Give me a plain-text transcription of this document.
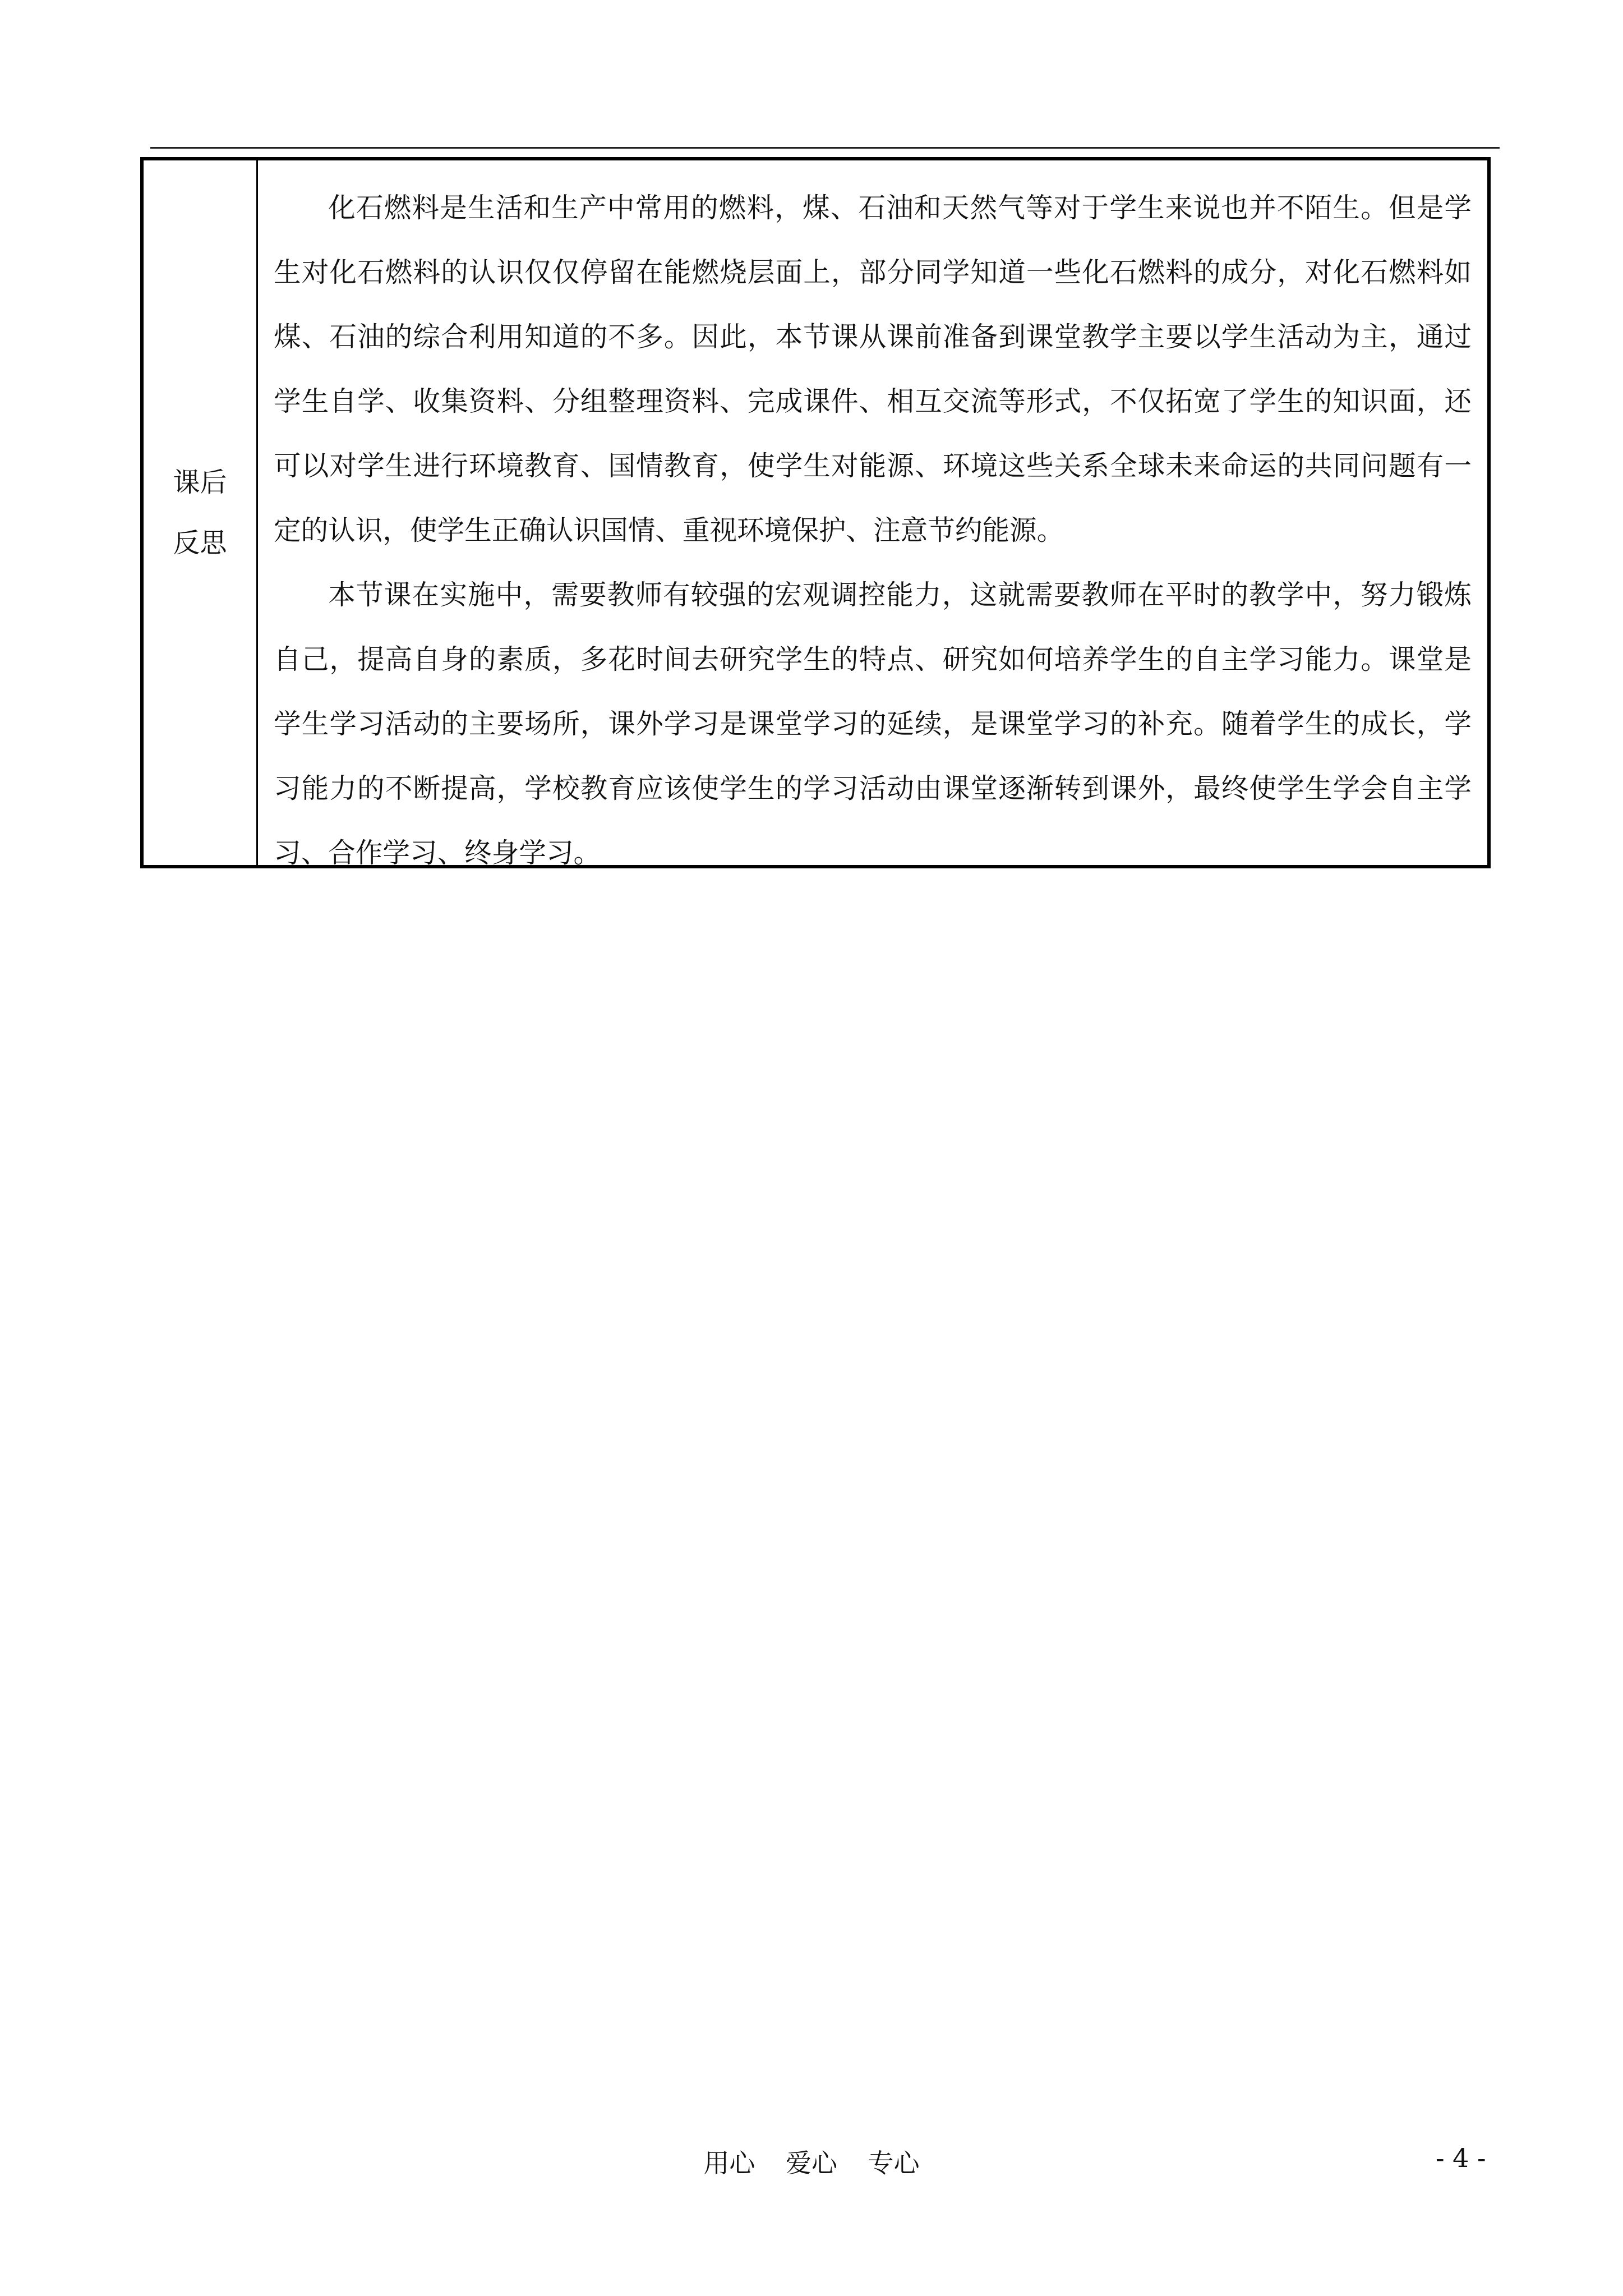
课后
反思

化石燃料是生活和生产中常用的燃料，煤、石油和天然气等对于学生来说也并不陌生。但是学生对化石燃料的认识仅仅停留在能燃烧层面上，部分同学知道一些化石燃料的成分，对化石燃料如煤、石油的综合利用知道的不多。因此，本节课从课前准备到课堂教学主要以学生活动为主，通过学生自学、收集资料、分组整理资料、完成课件、相互交流等形式，不仅拓宽了学生的知识面，还可以对学生进行环境教育、国情教育，使学生对能源、环境这些关系全球未来命运的共同问题有一定的认识，使学生正确认识国情、重视环境保护、注意节约能源。

本节课在实施中，需要教师有较强的宏观调控能力，这就需要教师在平时的教学中，努力锻炼自己，提高自身的素质，多花时间去研究学生的特点、研究如何培养学生的自主学习能力。课堂是学生学习活动的主要场所，课外学习是课堂学习的延续，是课堂学习的补充。随着学生的成长，学习能力的不断提高，学校教育应该使学生的学习活动由课堂逐渐转到课外，最终使学生学会自主学习、合作学习、终身学习。

用心 爱心 专心	- 4 -
